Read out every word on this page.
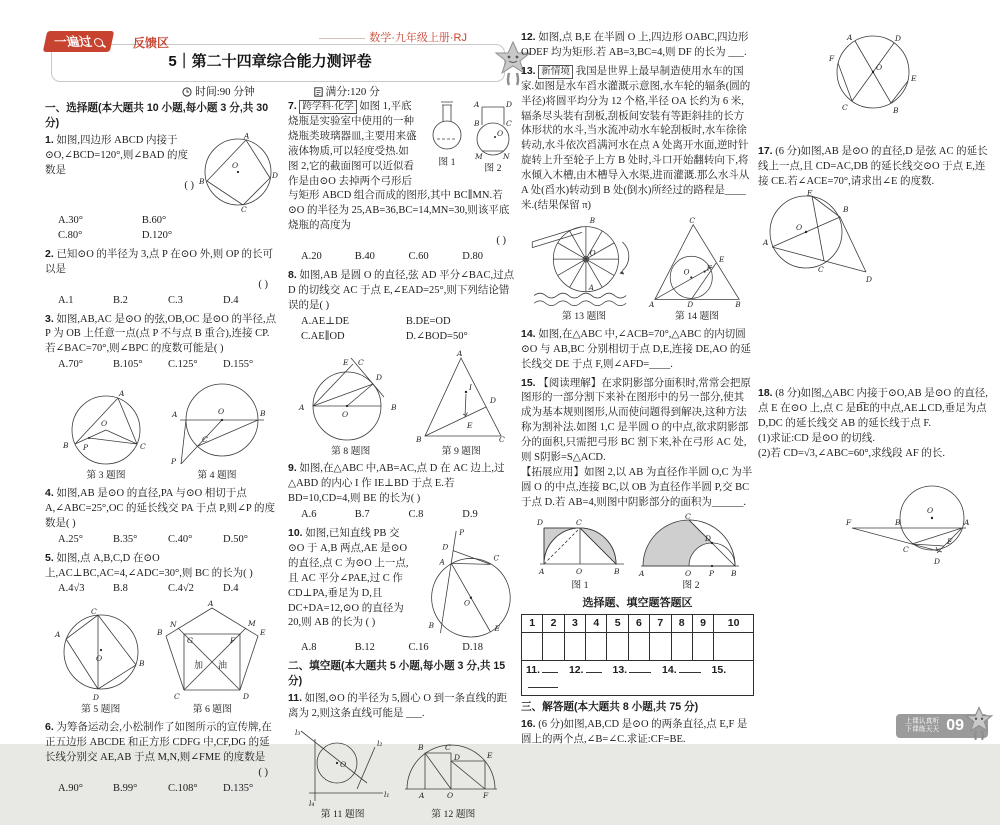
一遍过	反馈区	数学·九年级上册·RJ
5｜第二十四章综合能力测评卷
时间:90 分钟	满分:120 分
一、选择题(本大题共 10 小题,每小题 3 分,共 30 分)
A
B
C
D
O
1. 如图,四边形 ABCD 内接于⊙O,∠BCD=120°,则∠BAD 的度数是
( )
A.30°	B.60°
C.80°	D.120°
2. 已知⊙O 的半径为 3,点 P 在⊙O 外,则 OP 的长可以是
( )
A.1	B.2	C.3	D.4
3. 如图,AB,AC 是⊙O 的弦,OB,OC 是⊙O 的半径,点 P 为 OB 上任意一点(点 P 不与点 B 重合),连接 CP.若∠BAC=70°,则∠BPC 的度数可能是( )
A.70°	B.105°	C.125°	D.155°
A
O
B P	C
第 3 题图
A	O	B
C
P
第 4 题图
4. 如图,AB 是⊙O 的直径,PA 与⊙O 相切于点 A,∠ABC=25°,OC 的延长线交 PA 于点 P,则∠P 的度数是( )
A.25°	B.35°	C.40°	D.50°
5. 如图,点 A,B,C,D 在⊙O 上,AC⊥BC,AC=4,∠ADC=30°,则 BC 的长为( )
A.4√3	B.8	C.4√2	D.4
C
A
O
B
D
第 5 题图
A
B	E
N
G	F
M
C	D
加 油
第 6 题图
6. 为筹备运动会,小松制作了如图所示的宣传牌,在正五边形 ABCDE 和正方形 CDFG 中,CF,DG 的延长线分别交 AE,AB 于点 M,N,则∠FME 的度数是
( )
A.90°	B.99°	C.108°	D.135°
图 1
A	D
B	C
O
M	N
图 2
7. 跨学科·化学 如图 1,平底烧瓶是实验室中使用的一种烧瓶类玻璃器皿,主要用来盛液体物质,可以轻度受热.如图 2,它的截面图可以近似看作是由⊙O 去掉两个弓形后与矩形 ABCD 组合而成的图形,其中 BC∥MN.若⊙O 的半径为 25,AB=36,BC=14,MN=30,则该平底烧瓶的高度为
( )
A.20	B.40	C.60	D.80
8. 如图,AB 是圆 O 的直径,弦 AD 平分∠BAC,过点 D 的切线交 AC 于点 E,∠EAD=25°,则下列结论错误的是( )
A.AE⊥DE	B.DE=OD
C.AE∥OD	D.∠BOD=50°
E C
D
A
O
B
第 8 题图
A
I
D
E
B	C
第 9 题图
9. 如图,在△ABC 中,AB=AC,点 D 在 AC 边上,过△ABD 的内心 I 作 IE⊥BD 于点 E.若 BD=10,CD=4,则 BE 的长为( )
A.6	B.7	C.8	D.9
P
D
A	C
O
B	E
10. 如图,已知直线 PB 交⊙O 于 A,B 两点,AE 是⊙O 的直径,点 C 为⊙O 上一点,且 AC 平分∠PAE,过 C 作 CD⊥PA,垂足为 D,且 DC+DA=12,⊙O 的直径为 20,则 AB 的长为 ( )
A.8	B.12	C.16	D.18
二、填空题(本大题共 5 小题,每小题 3 分,共 15 分)
11. 如图,⊙O 的半径为 5,圆心 O 到一条直线的距离为 2,则这条直线可能是 ___.
l₃
l₂
l₁
l₄
O
第 11 题图
B	C
D	E
A	O	F
第 12 题图
12. 如图,点 B,E 在半圆 O 上,四边形 OABC,四边形 ODEF 均为矩形.若 AB=3,BC=4,则 DF 的长为 ___.
13. 新情境 我国是世界上最早制造使用水车的国家.如图是水车舀水灌溉示意图,水车轮的辐条(圆的半径)将圆平均分为 12 个格,半径 OA 长约为 6 米,辐条尽头装有刮板,刮板间安装有等距斜挂的长方体形状的水斗,当水流冲动水车轮刮板时,水车徐徐转动,水斗依次舀满河水在点 A 处离开水面,逆时针旋转上升至轮子上方 B 处时,斗口开始翻转向下,将水倾入木槽,由木槽导入水渠,进而灌溉.那么水斗从 A 处(舀水)转动到 B 处(倒水)所经过的路程是____米.(结果保留 π)
B
O
A
第 13 题图
C
O
E
F
A	D	B
第 14 题图
14. 如图,在△ABC 中,∠ACB=70°,△ABC 的内切圆⊙O 与 AB,BC 分别相切于点 D,E,连接 DE,AO 的延长线交 DE 于点 F,则∠AFD=____.
15. 【阅读理解】在求阴影部分面积时,常常会把原图形的一部分割下来补在图形中的另一部分,使其成为基本规则图形,从而使问题得到解决,这种方法称为割补法.如图 1,C 是半圆 O 的中点,欲求阴影部分的面积,只需把弓形 BC 割下来,补在弓形 AC 处,则 S阴影=S△ACD.
【拓展应用】如图 2,以 AB 为直径作半圆 O,C 为半圆 O 的中点,连接 BC,以 OB 为直径作半圆 P,交 BC 于点 D.若 AB=4,则图中阴影部分的面积为______.
D	C
A	O	B
图 1
C
D
A	O P B
图 2
选择题、填空题答题区
1	2	3	4	5	6	7	8	9	10

11. 12. 13. 14. 15.									
三、解答题(本大题共 8 小题,共 75 分)
16. (6 分)如图,AB,CD 是⊙O 的两条直径,点 E,F 是圆上的两个点,∠B=∠C.求证:CF=BE.
A	D
F
E
O
C	B
17. (6 分)如图,AB 是⊙O 的直径,D 是弦 AC 的延长线上一点,且 CD=AC,DB 的延长线交⊙O 于点 E,连接 CE.若∠ACE=70°,请求出∠E 的度数.
E
B
O
A
C
D
18. (8 分)如图,△ABC 内接于⊙O,AB 是⊙O 的直径,点 E 在⊙O 上,点 C 是B͡E的中点,AE⊥CD,垂足为点 D,DC 的延长线交 AB 的延长线于点 F.
(1)求证:CD 是⊙O 的切线.
(2)若 CD=√3,∠ABC=60°,求线段 AF 的长.
F	B
O
A
C
E
D
上课认真听
下课练天天 09
